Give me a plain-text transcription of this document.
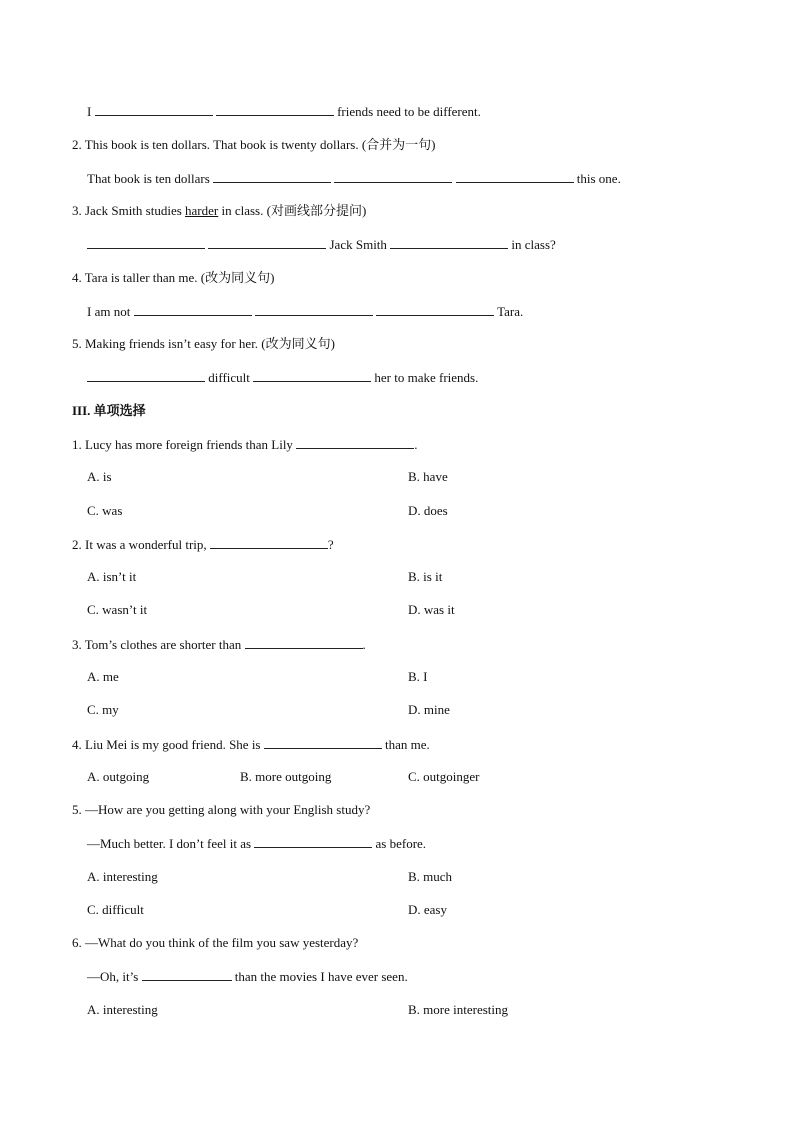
I	friends need to be different.
2. This book is ten dollars. That book is twenty dollars. (合并为一句)
That book is ten dollars	this one.
3. Jack Smith studies harder in class. (对画线部分提问)
Jack Smith	in class?
4. Tara is taller than me. (改为同义句)
I am not	Tara.
5. Making friends isn’t easy for her. (改为同义句)
difficult	her to make friends.
III. 单项选择
1. Lucy has more foreign friends than Lily	.
A. is	B. have
C. was	D. does
2. It was a wonderful trip,	?
A. isn’t it	B. is it
C. wasn’t it	D. was it
3. Tom’s clothes are shorter than	.
A. me	B. I
C. my	D. mine
4. Liu Mei is my good friend. She is	than me.
A. outgoing	B. more outgoing	C. outgoinger
5. —How are you getting along with your English study?
—Much better. I don’t feel it as	as before.
A. interesting	B. much
C. difficult	D. easy
6. —What do you think of the film you saw yesterday?
—Oh, it’s	than the movies I have ever seen.
A. interesting	B. more interesting
